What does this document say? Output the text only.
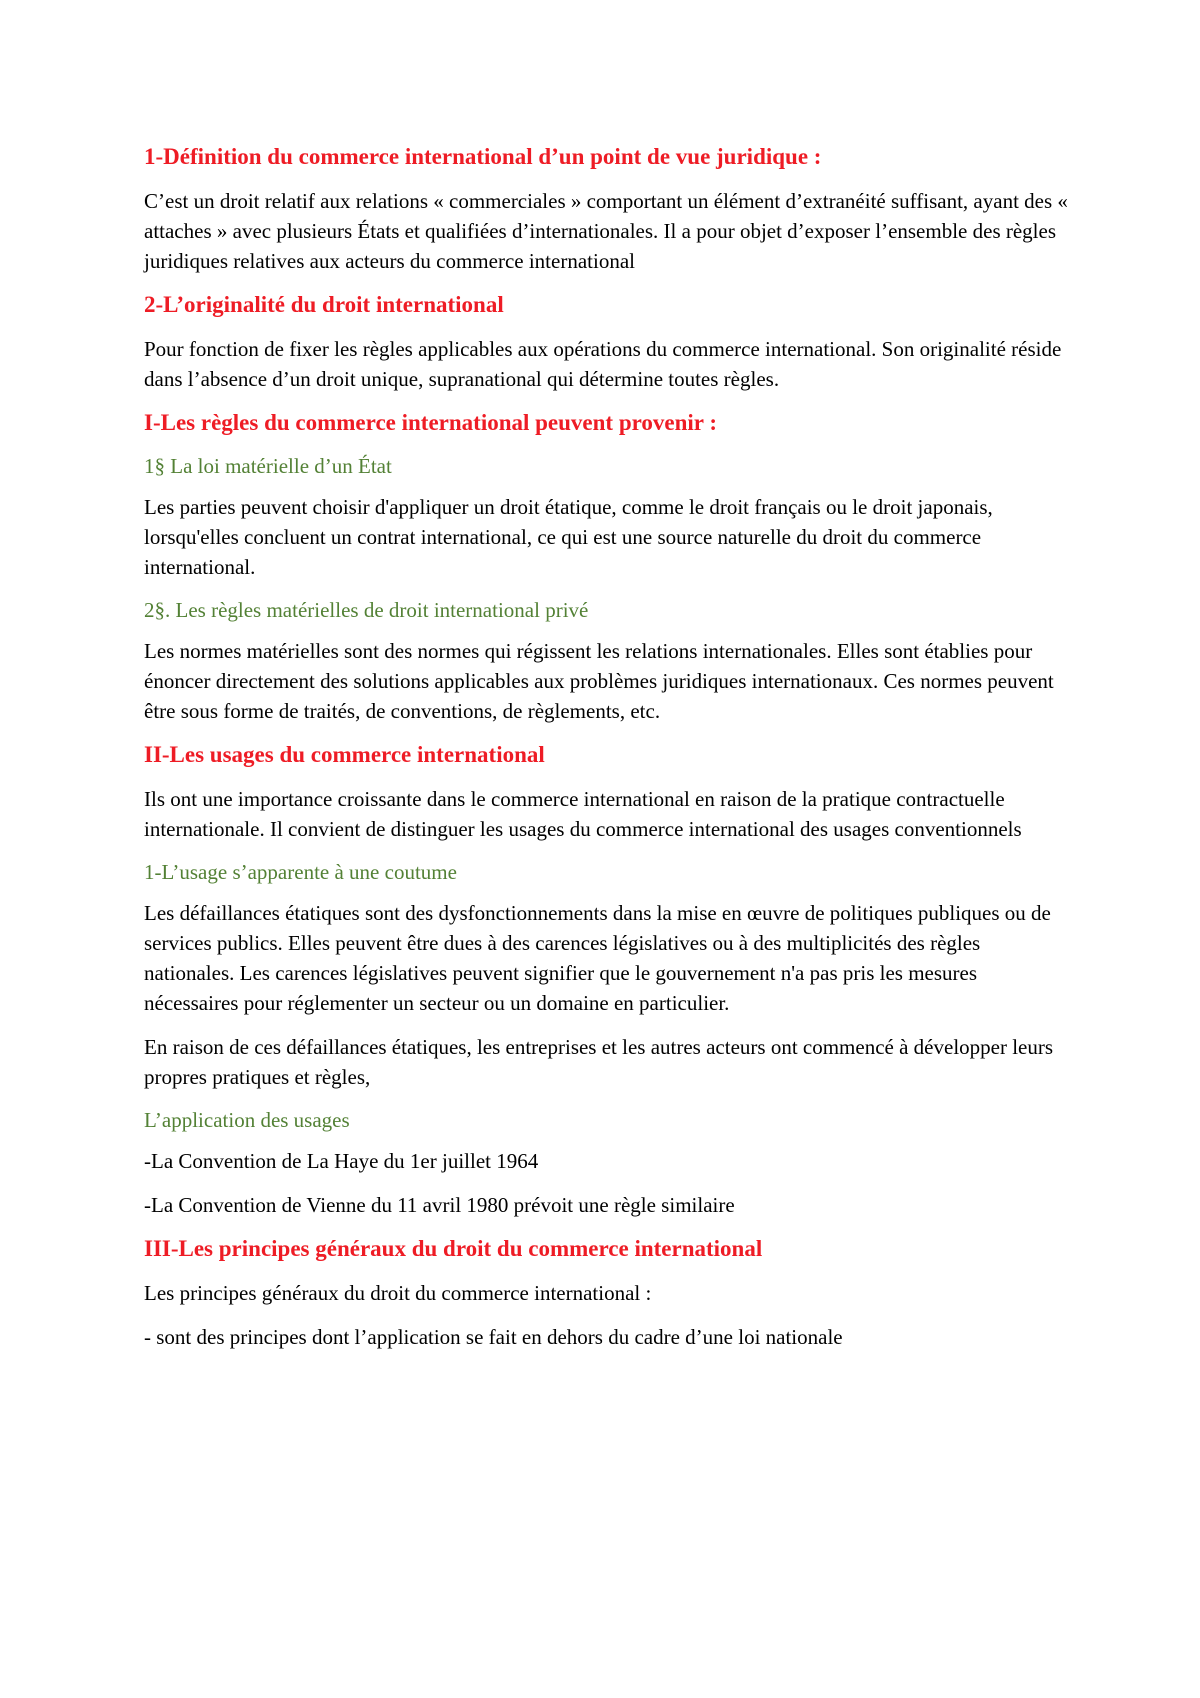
1-Définition du commerce international d’un point de vue juridique :
C’est un droit relatif aux relations « commerciales » comportant un élément d’extranéité suffisant, ayant des « attaches » avec plusieurs États et qualifiées d’internationales. Il a pour objet d’exposer l’ensemble des règles juridiques relatives aux acteurs du commerce international
2-L’originalité du droit international
Pour fonction de fixer les règles applicables aux opérations du commerce international. Son originalité réside dans l’absence d’un droit unique, supranational qui détermine toutes règles.
I-Les règles du commerce international peuvent provenir :
1§ La loi matérielle d’un État
Les parties peuvent choisir d'appliquer un droit étatique, comme le droit français ou le droit japonais, lorsqu'elles concluent un contrat international, ce qui est une source naturelle du droit du commerce international.
2§. Les règles matérielles de droit international privé
Les normes matérielles sont des normes qui régissent les relations internationales. Elles sont établies pour énoncer directement des solutions applicables aux problèmes juridiques internationaux. Ces normes peuvent être sous forme de traités, de conventions, de règlements, etc.
II-Les usages du commerce international
Ils ont une importance croissante dans le commerce international en raison de la pratique contractuelle internationale. Il convient de distinguer les usages du commerce international des usages conventionnels
1-L’usage s’apparente à une coutume
Les défaillances étatiques sont des dysfonctionnements dans la mise en œuvre de politiques publiques ou de services publics. Elles peuvent être dues à des carences législatives ou à des multiplicités des règles nationales. Les carences législatives peuvent signifier que le gouvernement n'a pas pris les mesures nécessaires pour réglementer un secteur ou un domaine en particulier.
En raison de ces défaillances étatiques, les entreprises et les autres acteurs ont commencé à développer leurs propres pratiques et règles,
L’application des usages
-La Convention de La Haye du 1er juillet 1964
-La Convention de Vienne du 11 avril 1980 prévoit une règle similaire
III-Les principes généraux du droit du commerce international
Les principes généraux du droit du commerce international :
- sont des principes dont l’application se fait en dehors du cadre d’une loi nationale
